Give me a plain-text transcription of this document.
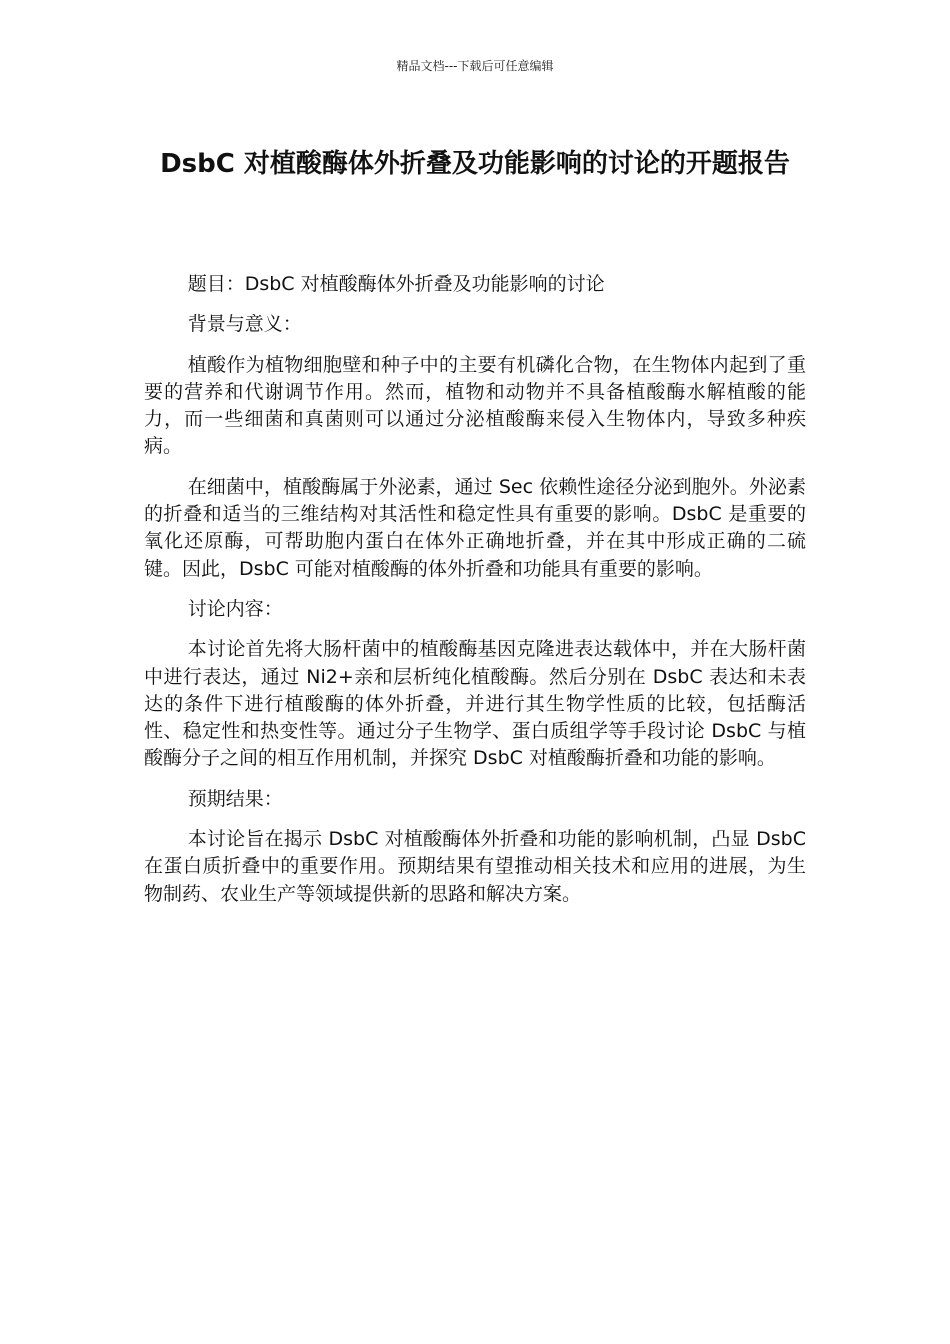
精品文档---下载后可任意编辑
DsbC 对植酸酶体外折叠及功能影响的讨论的开题报告

题目：DsbC 对植酸酶体外折叠及功能影响的讨论

背景与意义：

植酸作为植物细胞壁和种子中的主要有机磷化合物，在生物体内起到了重要的营养和代谢调节作用。然而，植物和动物并不具备植酸酶水解植酸的能力，而一些细菌和真菌则可以通过分泌植酸酶来侵入生物体内，导致多种疾病。

在细菌中，植酸酶属于外泌素，通过 Sec 依赖性途径分泌到胞外。外泌素的折叠和适当的三维结构对其活性和稳定性具有重要的影响。DsbC 是重要的氧化还原酶，可帮助胞内蛋白在体外正确地折叠，并在其中形成正确的二硫键。因此，DsbC 可能对植酸酶的体外折叠和功能具有重要的影响。

讨论内容：

本讨论首先将大肠杆菌中的植酸酶基因克隆进表达载体中，并在大肠杆菌中进行表达，通过 Ni2+亲和层析纯化植酸酶。然后分别在 DsbC 表达和未表达的条件下进行植酸酶的体外折叠，并进行其生物学性质的比较，包括酶活性、稳定性和热变性等。通过分子生物学、蛋白质组学等手段讨论 DsbC 与植酸酶分子之间的相互作用机制，并探究 DsbC 对植酸酶折叠和功能的影响。

预期结果：

本讨论旨在揭示 DsbC 对植酸酶体外折叠和功能的影响机制，凸显 DsbC 在蛋白质折叠中的重要作用。预期结果有望推动相关技术和应用的进展，为生物制药、农业生产等领域提供新的思路和解决方案。
